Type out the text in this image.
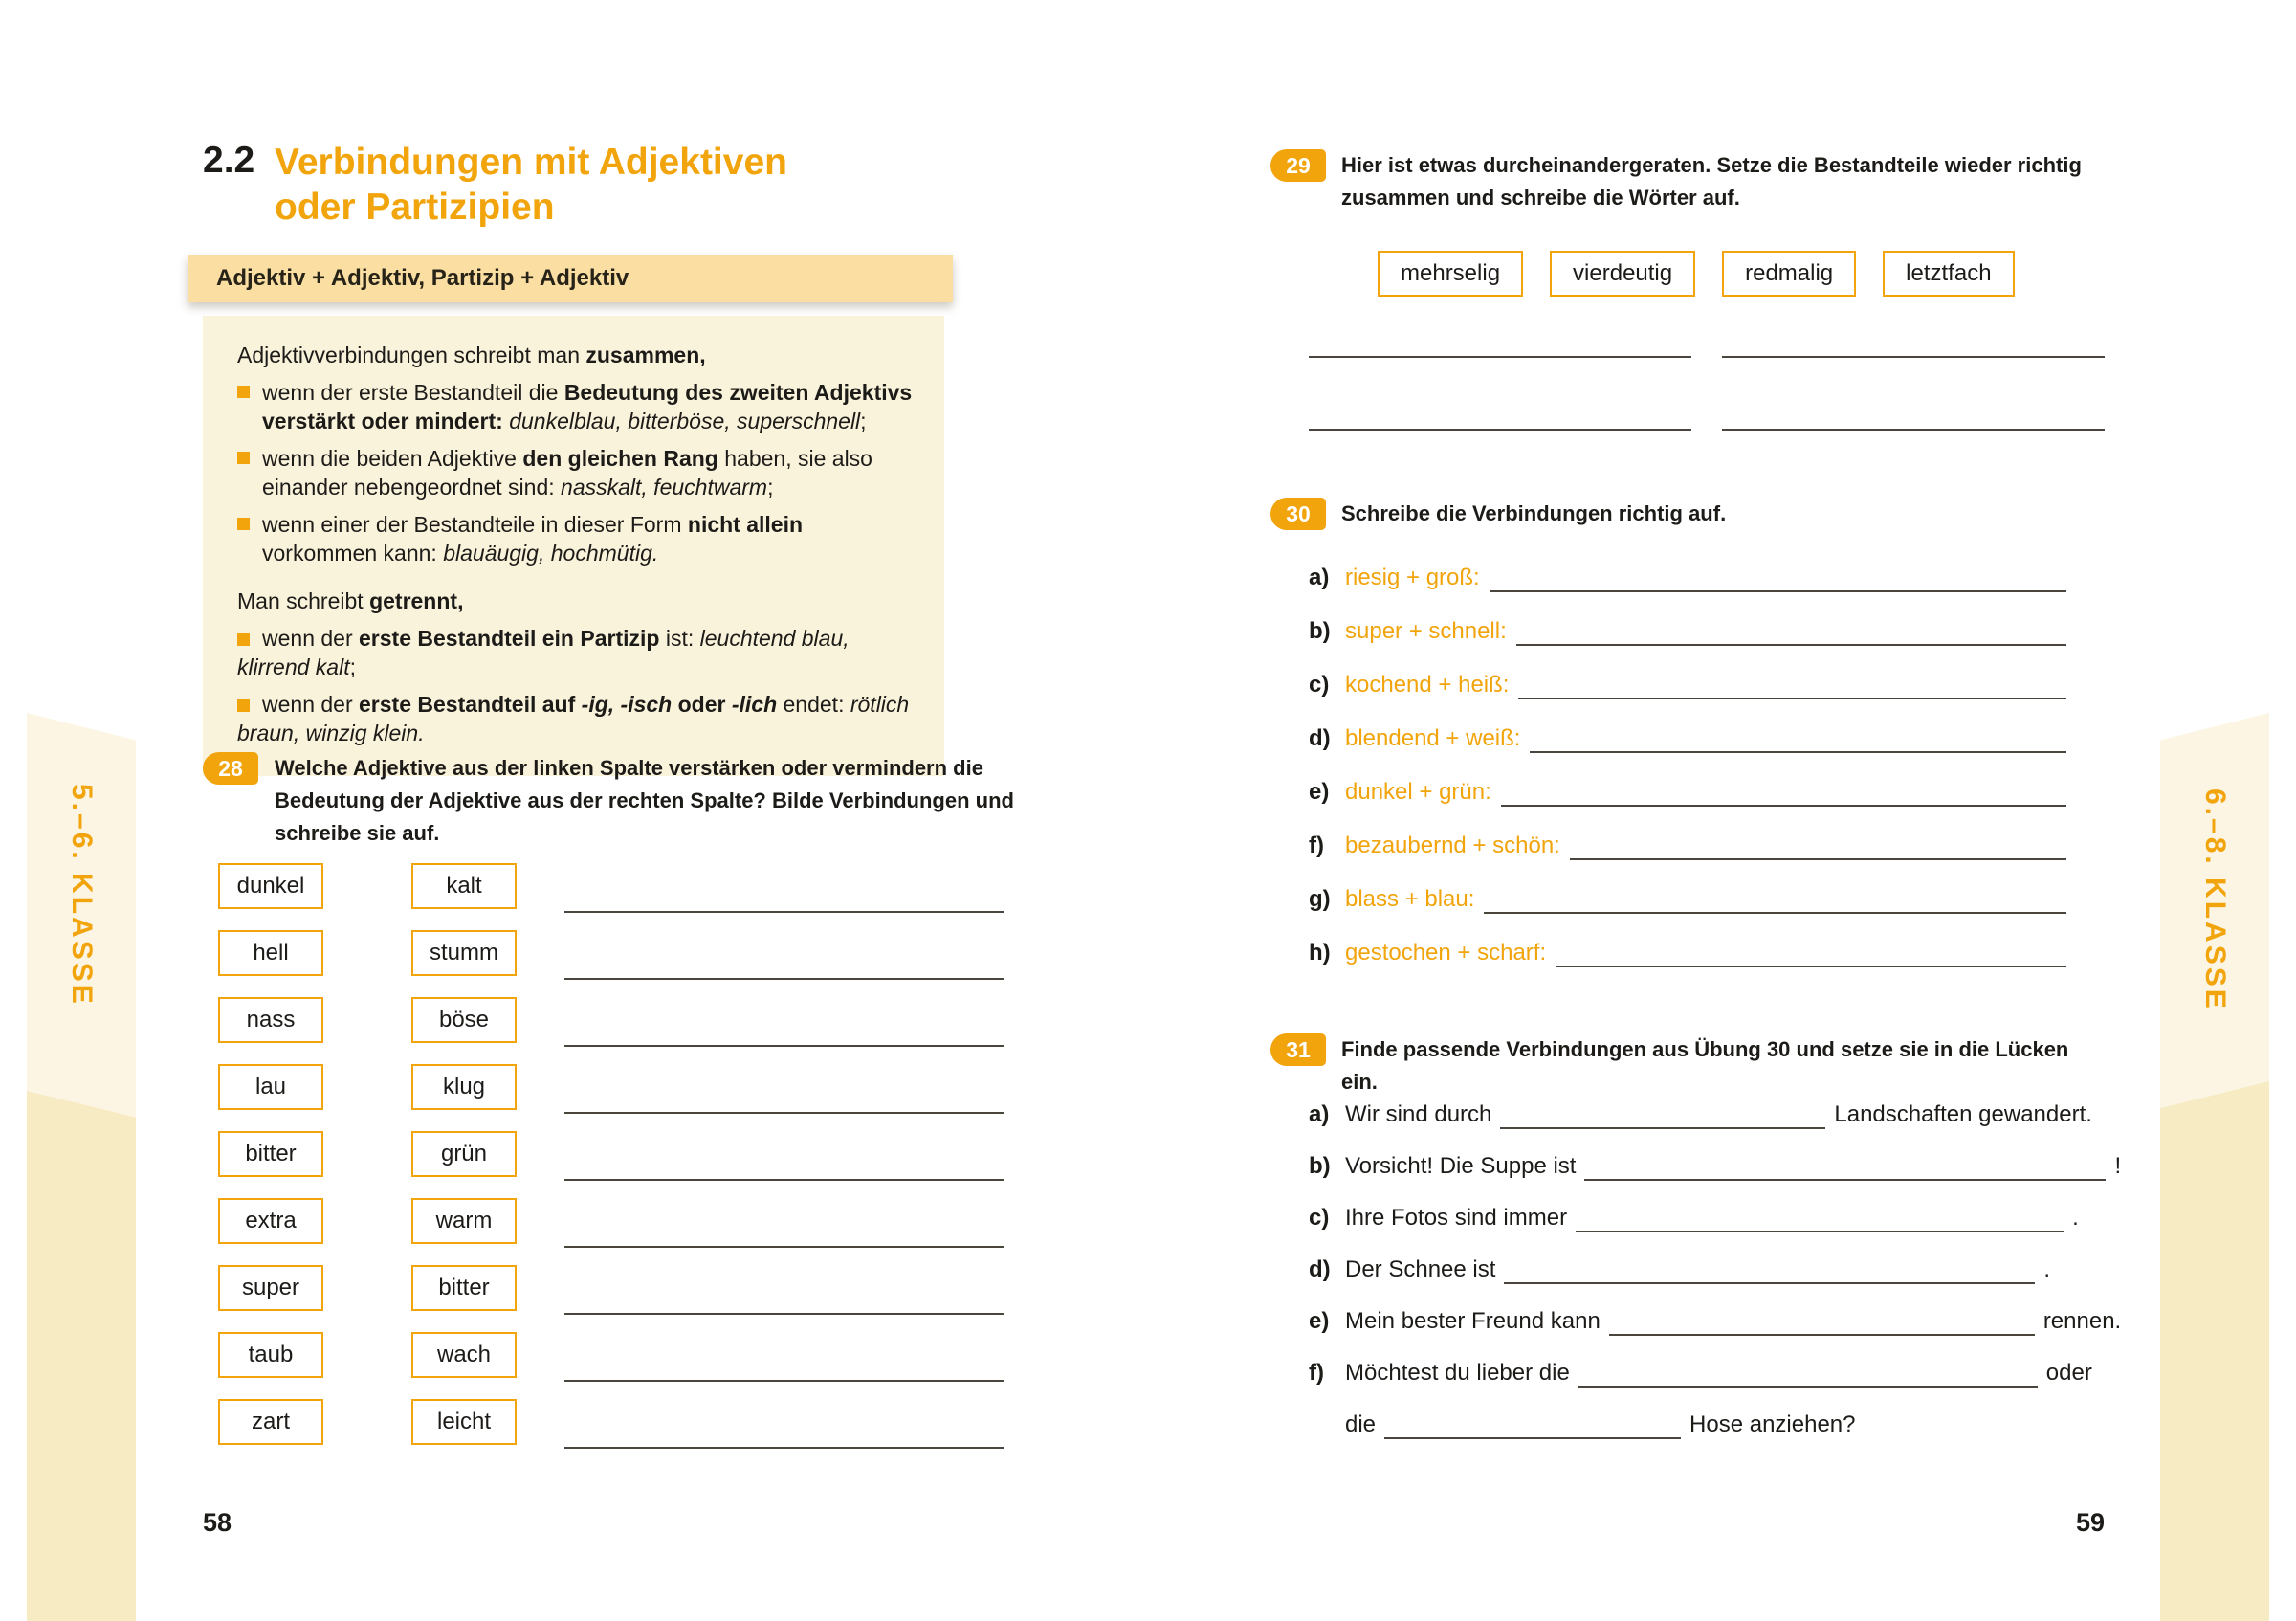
5.–6. KLASSE
2.2 Verbindungen mit Adjektiven
oder Partizipien
Adjektiv + Adjektiv, Partizip + Adjektiv

Adjektivverbindungen schreibt man zusammen,

wenn der erste Bestandteil die Bedeutung des zweiten Adjektivs verstärkt oder mindert: dunkelblau, bitterböse, superschnell;
wenn die beiden Adjektive den gleichen Rang haben, sie also einander nebengeordnet sind: nasskalt, feuchtwarm;
wenn einer der Bestandteile in dieser Form nicht allein vorkommen kann: blauäugig, hochmütig.

Man schreibt getrennt,

wenn der erste Bestandteil ein Partizip ist: leuchtend blau, klirrend kalt;
wenn der erste Bestandteil auf -ig, -isch oder -lich endet: rötlich braun, winzig klein.
28	Welche Adjektive aus der linken Spalte verstärken oder vermindern die Bedeutung der Adjektive aus der rechten Spalte? Bilde Verbindungen und schreibe sie auf.
dunkel	kalt
hell	stumm
nass	böse
lau	klug
bitter	grün
extra	warm
super	bitter
taub	wach
zart	leicht
58
6.–8. KLASSE
29	Hier ist etwas durcheinandergeraten. Setze die Bestandteile wieder richtig zusammen und schreibe die Wörter auf.
mehrselig	vierdeutig	redmalig	letztfach
30	Schreibe die Verbindungen richtig auf.
a) riesig + groß:
b) super + schnell:
c) kochend + heiß:
d) blendend + weiß:
e) dunkel + grün:
f) bezaubernd + schön:
g) blass + blau:
h) gestochen + scharf:
31	Finde passende Verbindungen aus Übung 30 und setze sie in die Lücken ein.
a) Wir sind durch	Landschaften gewandert.
b) Vorsicht! Die Suppe ist	!
c) Ihre Fotos sind immer	.
d) Der Schnee ist	.
e) Mein bester Freund kann	rennen.
f) Möchtest du lieber die	oder
die	Hose anziehen?
59
